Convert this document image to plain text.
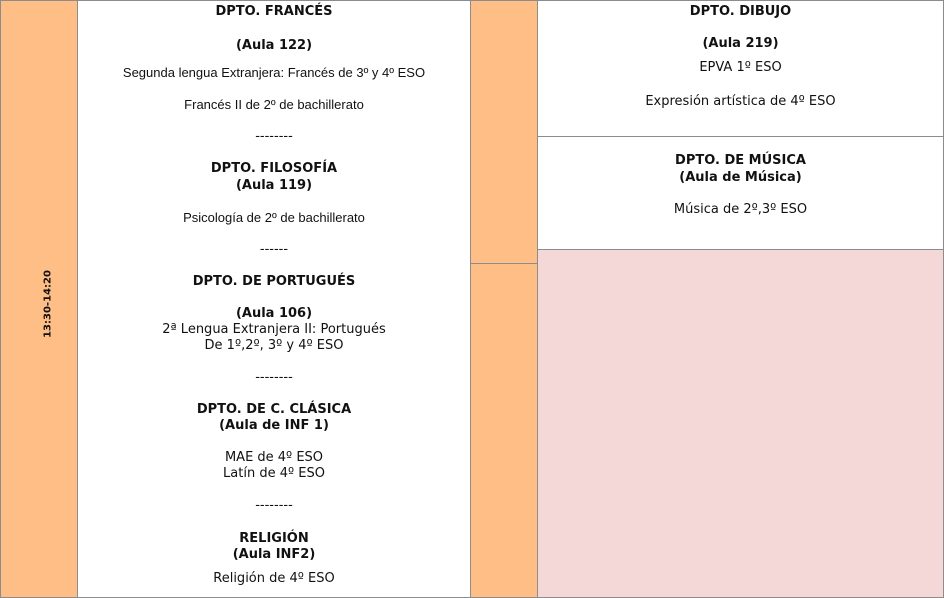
13:30-14:20
DPTO. FRANCÉS
(Aula 122)
Segunda lengua Extranjera: Francés de 3º y 4º ESO
Francés II de 2º de bachillerato
--------
DPTO. FILOSOFÍA
(Aula 119)
Psicología de 2º de bachillerato
------
DPTO. DE PORTUGUÉS
(Aula 106)
2ª Lengua Extranjera II: Portugués
De 1º,2º, 3º y 4º ESO
--------
DPTO. DE C. CLÁSICA
(Aula de INF 1)
MAE de 4º ESO
Latín de 4º ESO
--------
RELIGIÓN
(Aula INF2)
Religión de 4º ESO
DPTO. DIBUJO
(Aula 219)
EPVA 1º ESO
Expresión artística de 4º ESO
DPTO. DE MÚSICA
(Aula de Música)
Música de 2º,3º ESO
